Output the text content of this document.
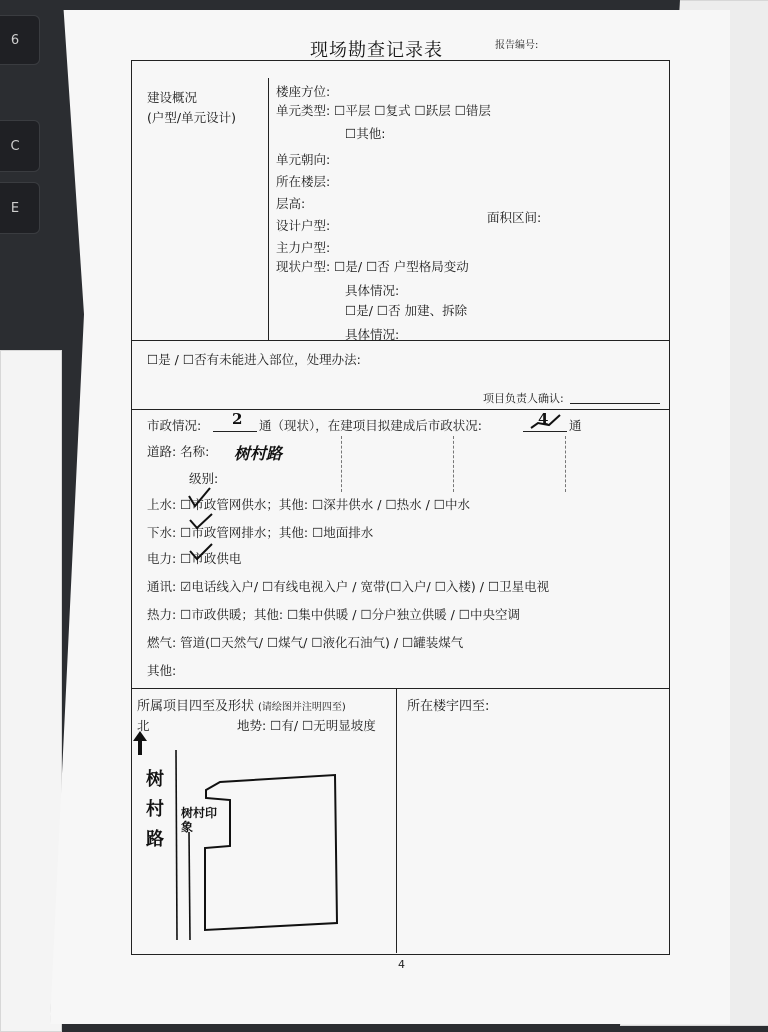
6
C
E
现场勘查记录表	报告编号:
建设概况
(户型/单元设计)
楼座方位:
单元类型: ☐平层 ☐复式 ☐跃层 ☐错层
☐其他:
单元朝向:
所在楼层:
层高:
设计户型:
面积区间:
主力户型:
现状户型: ☐是/ ☐否 户型格局变动
具体情况:
☐是/ ☐否 加建、拆除
具体情况:
☐是 / ☐否有未能进入部位，处理办法:
项目负责人确认:
市政情况: 2 通（现状），在建项目拟建成后市政状况:	4 通
道路: 名称: 树村路
级别:
上水: ☐市政管网供水；其他: ☐深井供水 / ☐热水 / ☐中水
下水: ☐市政管网排水；其他: ☐地面排水
电力: ☐市政供电
通讯: ☑电话线入户/ ☐有线电视入户 / 宽带(☐入户/ ☐入楼) / ☐卫星电视
热力: ☐市政供暖；其他: ☐集中供暖 / ☐分户独立供暖 / ☐中央空调
燃气: 管道(☐天然气/ ☐煤气/ ☐液化石油气) / ☐罐装煤气
其他:
所属项目四至及形状 (请绘图并注明四至)
北	地势: ☐有/ ☐无明显坡度
所在楼宇四至:
树
村
路
树村印象
4
